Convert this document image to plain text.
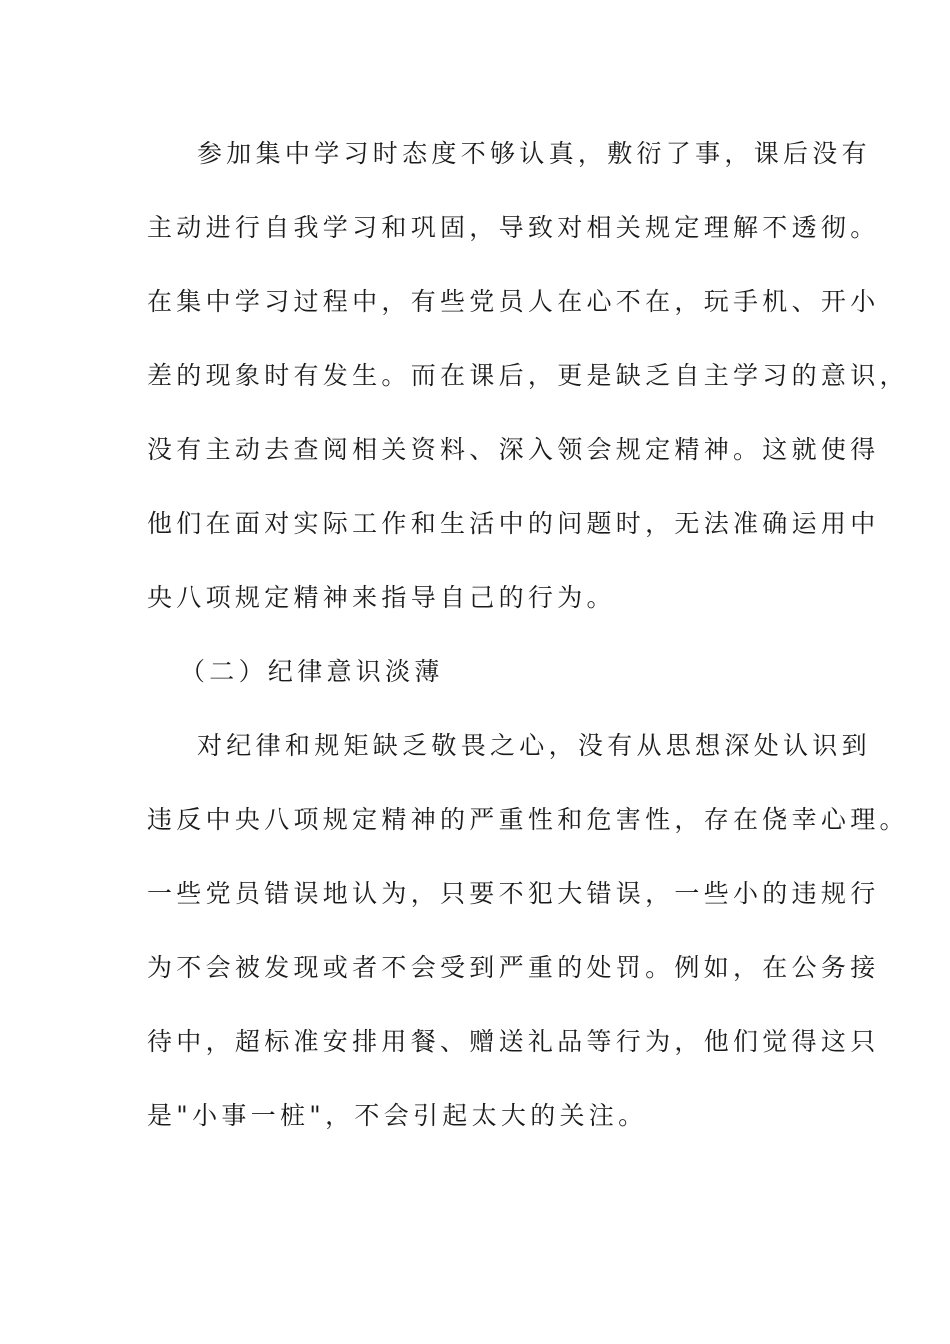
参加集中学习时态度不够认真，敷衍了事，课后没有
主动进行自我学习和巩固，导致对相关规定理解不透彻。
在集中学习过程中，有些党员人在心不在，玩手机、开小
差的现象时有发生。而在课后，更是缺乏自主学习的意识，
没有主动去查阅相关资料、深入领会规定精神。这就使得
他们在面对实际工作和生活中的问题时，无法准确运用中
央八项规定精神来指导自己的行为。
（二）纪律意识淡薄
对纪律和规矩缺乏敬畏之心，没有从思想深处认识到
违反中央八项规定精神的严重性和危害性，存在侥幸心理。
一些党员错误地认为，只要不犯大错误，一些小的违规行
为不会被发现或者不会受到严重的处罚。例如，在公务接
待中，超标准安排用餐、赠送礼品等行为，他们觉得这只
是"小事一桩"，不会引起太大的关注。
